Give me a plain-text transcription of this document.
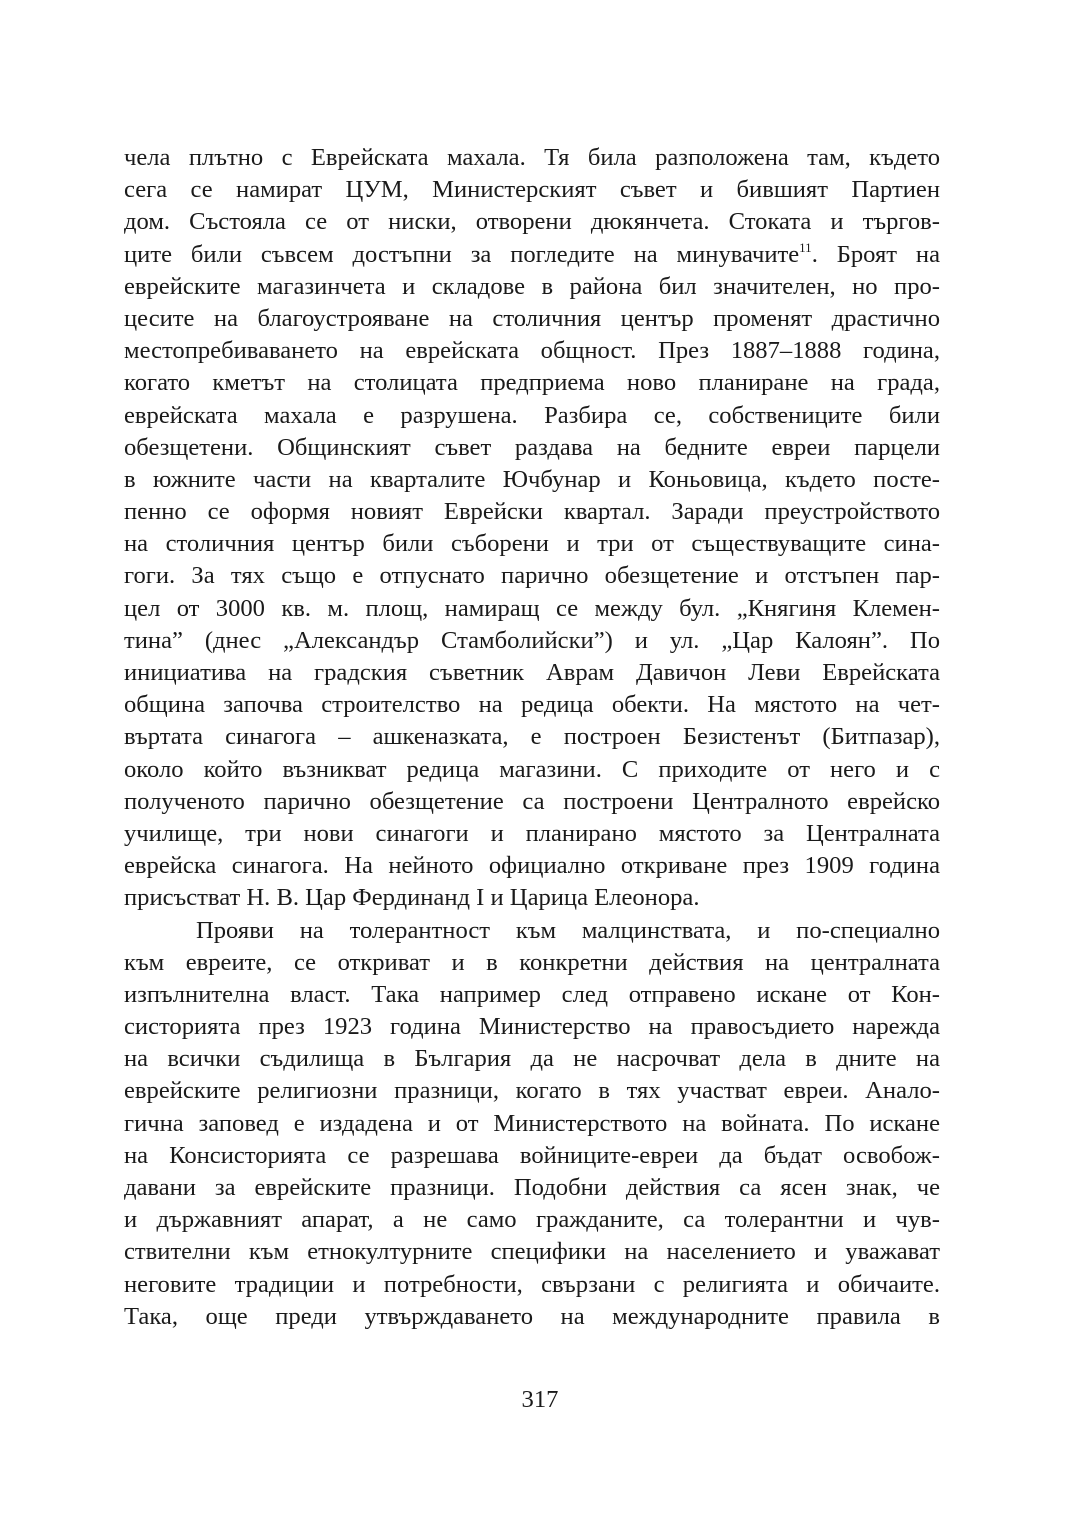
чела плътно с Еврейската махала. Тя била разположена там, където
сега се намират ЦУМ, Министерският съвет и бившият Партиен
дом. Състояла се от ниски, отворени дюкянчета. Стоката и търгов-
ците били съвсем достъпни за погледите на минувачите$^{11}$. Броят на
еврейските магазинчета и складове в района бил значителен, но про-
цесите на благоустрояване на столичния център променят драстично
местопребиваването на еврейската общност. През 1887–1888 година,
когато кметът на столицата предприема ново планиране на града,
еврейската махала е разрушена. Разбира се, собствениците били
обезщетени. Общинският съвет раздава на бедните евреи парцели
в южните части на кварталите Ючбунар и Коньовица, където посте-
пенно се оформя новият Еврейски квартал. Заради преустройството
на столичния център били съборени и три от съществуващите сина-
гоги. За тях също е отпуснато парично обезщетение и отстъпен пар-
цел от 3000 кв. м. площ, намиращ се между бул. „Княгиня Клемен-
тина” (днес „Александър Стамболийски”) и ул. „Цар Калоян”. По
инициатива на градския съветник Аврам Давичон Леви Еврейската
община започва строителство на редица обекти. На мястото на чет-
въртата синагога – ашкеназката, е построен Безистенът (Битпазар),
около който възникват редица магазини. С приходите от него и с
полученото парично обезщетение са построени Централното еврейско
училище, три нови синагоги и планирано мястото за Централната
еврейска синагога. На нейното официално откриване през 1909 година
присъстват Н. В. Цар Фердинанд I и Царица Елеонора.
Прояви на толерантност към малцинствата, и по-специално
към евреите, се откриват и в конкретни действия на централната
изпълнителна власт. Така например след отправено искане от Кон-
систорията през 1923 година Министерство на правосъдието нарежда
на всички съдилища в България да не насрочват дела в дните на
еврейските религиозни празници, когато в тях участват евреи. Анало-
гична заповед е издадена и от Министерството на войната. По искане
на Консисторията се разрешава войниците-евреи да бъдат освобож-
давани за еврейските празници. Подобни действия са ясен знак, че
и държавният апарат, а не само гражданите, са толерантни и чув-
ствителни към етнокултурните специфики на населението и уважават
неговите традиции и потребности, свързани с религията и обичаите.
Така, още преди утвърждаването на международните правила в
317
